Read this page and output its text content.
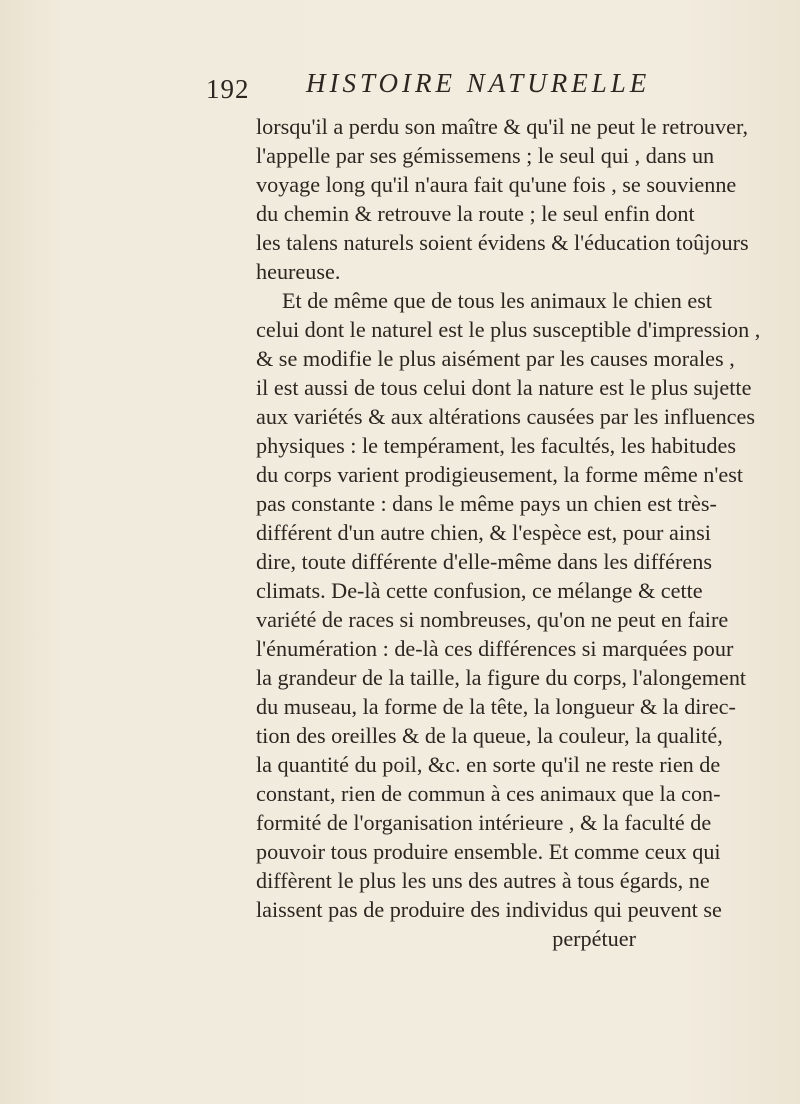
192 HISTOIRE NATURELLE
lorsqu'il a perdu son maître & qu'il ne peut le retrouver,
l'appelle par ses gémissemens ; le seul qui , dans un
voyage long qu'il n'aura fait qu'une fois , se souvienne
du chemin & retrouve la route ; le seul enfin dont
les talens naturels soient évidens & l'éducation toûjours
heureuse.
Et de même que de tous les animaux le chien est
celui dont le naturel est le plus susceptible d'impression ,
& se modifie le plus aisément par les causes morales ,
il est aussi de tous celui dont la nature est le plus sujette
aux variétés & aux altérations causées par les influences
physiques : le tempérament, les facultés, les habitudes
du corps varient prodigieusement, la forme même n'est
pas constante : dans le même pays un chien est très-
différent d'un autre chien, & l'espèce est, pour ainsi
dire, toute différente d'elle-même dans les différens
climats. De-là cette confusion, ce mélange & cette
variété de races si nombreuses, qu'on ne peut en faire
l'énumération : de-là ces différences si marquées pour
la grandeur de la taille, la figure du corps, l'alongement
du museau, la forme de la tête, la longueur & la direc-
tion des oreilles & de la queue, la couleur, la qualité,
la quantité du poil, &c. en sorte qu'il ne reste rien de
constant, rien de commun à ces animaux que la con-
formité de l'organisation intérieure , & la faculté de
pouvoir tous produire ensemble. Et comme ceux qui
diffèrent le plus les uns des autres à tous égards, ne
laissent pas de produire des individus qui peuvent se
perpétuer
